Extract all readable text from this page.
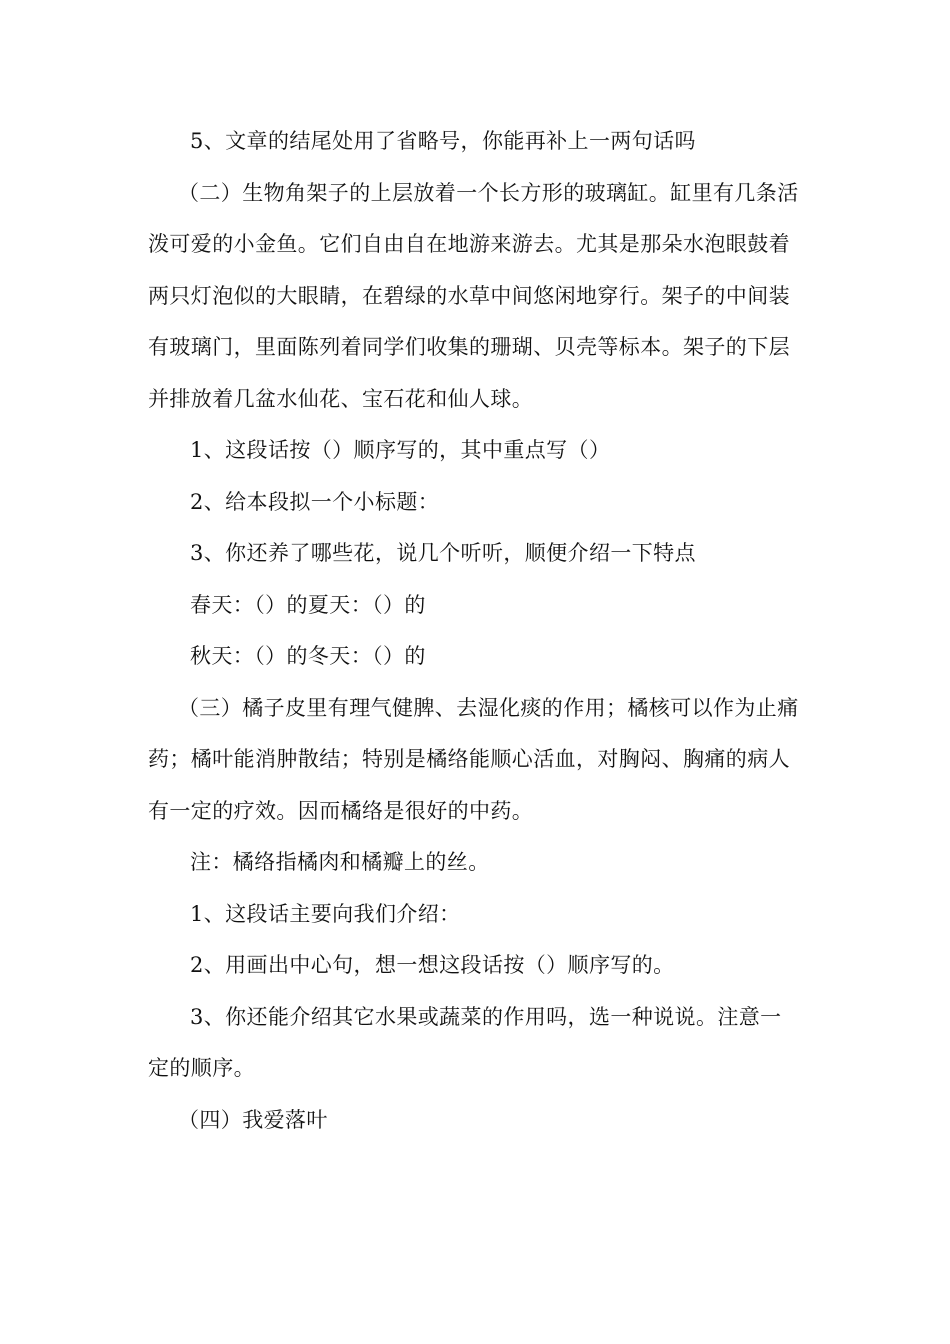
5、文章的结尾处用了省略号，你能再补上一两句话吗

（二）生物角架子的上层放着一个长方形的玻璃缸。缸里有几条活泼可爱的小金鱼。它们自由自在地游来游去。尤其是那朵水泡眼鼓着两只灯泡似的大眼睛，在碧绿的水草中间悠闲地穿行。架子的中间装有玻璃门，里面陈列着同学们收集的珊瑚、贝壳等标本。架子的下层并排放着几盆水仙花、宝石花和仙人球。

1、这段话按（）顺序写的，其中重点写（）

2、给本段拟一个小标题：

3、你还养了哪些花，说几个听听，顺便介绍一下特点

春天：（）的夏天：（）的

秋天：（）的冬天：（）的

（三）橘子皮里有理气健脾、去湿化痰的作用；橘核可以作为止痛药；橘叶能消肿散结；特别是橘络能顺心活血，对胸闷、胸痛的病人有一定的疗效。因而橘络是很好的中药。

注：橘络指橘肉和橘瓣上的丝。

1、这段话主要向我们介绍：

2、用画出中心句，想一想这段话按（）顺序写的。

3、你还能介绍其它水果或蔬菜的作用吗，选一种说说。注意一定的顺序。

（四）我爱落叶
